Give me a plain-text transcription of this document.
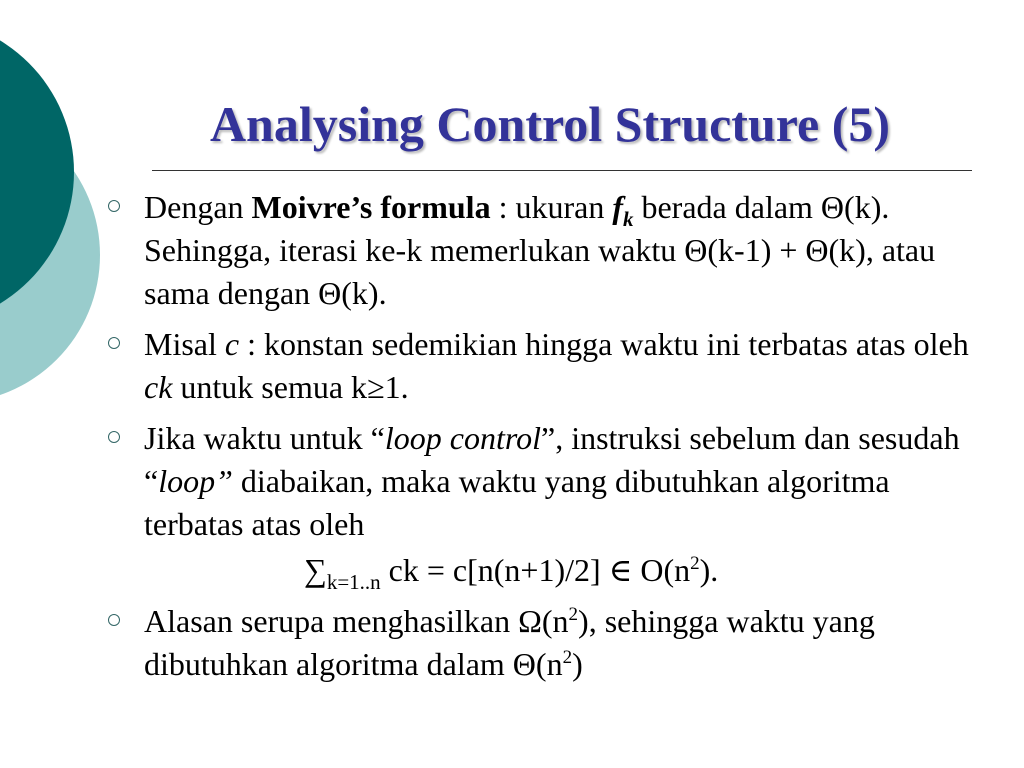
Analysing Control Structure (5)
Dengan Moivre’s formula : ukuran $f_k$ berada dalam Θ(k). Sehingga, iterasi ke-k memerlukan waktu Θ(k-1) + Θ(k), atau sama dengan Θ(k).
Misal c : konstan sedemikian hingga waktu ini terbatas atas oleh ck untuk semua k≥1.
Jika waktu untuk “loop control”, instruksi sebelum dan sesudah “loop” diabaikan, maka waktu yang dibutuhkan algoritma terbatas atas oleh
$\sum_{k=1..n}$ ck = c[n(n+1)/2] ∈ $O(n^2)$.
Alasan serupa menghasilkan $\Omega(n^2)$, sehingga waktu yang dibutuhkan algoritma dalam $\Theta(n^2)$
